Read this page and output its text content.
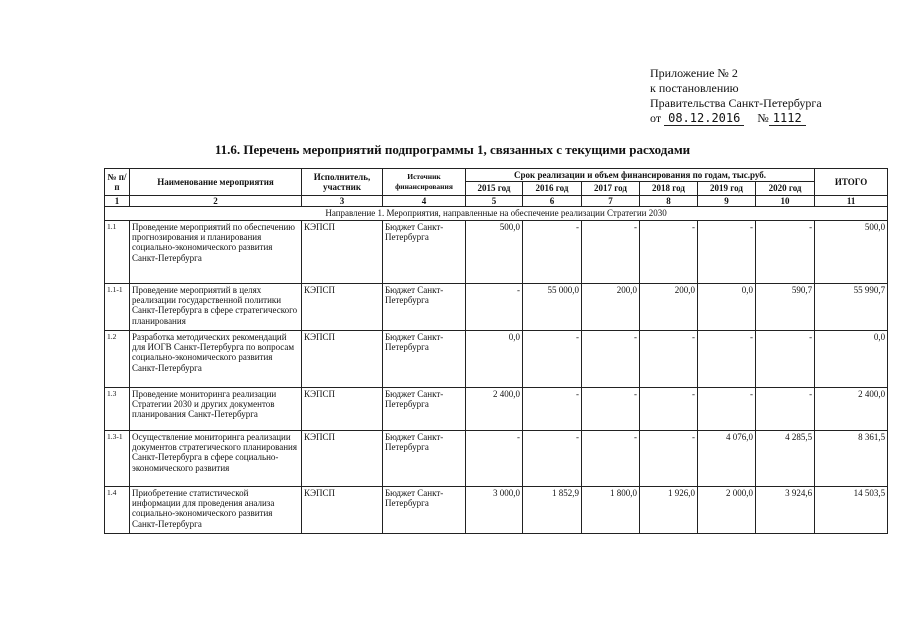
Приложение № 2
к постановлению
Правительства Санкт-Петербурга
от 08.12.2016 № 1112
11.6. Перечень мероприятий подпрограммы 1, связанных с текущими расходами
№ п/п	Наименование мероприятия	Исполнитель, участник	Источник финансирования	Срок реализации и объем финансирования по годам, тыс.руб.						ИТОГО
				2015 год	2016 год	2017 год	2018 год	2019 год	2020 год	
1	2	3	4	5	6	7	8	9	10	11
Направление 1. Мероприятия, направленные на обеспечение реализации Стратегии 2030										
1.1	Проведение мероприятий по обеспечению прогнозирования и планирования социально-экономического развития Санкт-Петербурга	КЭПСП	Бюджет Санкт-Петербурга	500,0	-	-	-	-	-	500,0
1.1-1	Проведение мероприятий в целях реализации государственной политики Санкт-Петербурга в сфере стратегического планирования	КЭПСП	Бюджет Санкт-Петербурга	-	55 000,0	200,0	200,0	0,0	590,7	55 990,7
1.2	Разработка методических рекомендаций для ИОГВ Санкт-Петербурга по вопросам социально-экономического развития Санкт-Петербурга	КЭПСП	Бюджет Санкт-Петербурга	0,0	-	-	-	-	-	0,0
1.3	Проведение мониторинга реализации Стратегии 2030 и других документов планирования Санкт-Петербурга	КЭПСП	Бюджет Санкт-Петербурга	2 400,0	-	-	-	-	-	2 400,0
1.3-1	Осуществление мониторинга реализации документов стратегического планирования Санкт-Петербурга в сфере социально-экономического развития	КЭПСП	Бюджет Санкт-Петербурга	-	-	-	-	4 076,0	4 285,5	8 361,5
1.4	Приобретение статистической информации для проведения анализа социально-экономического развития Санкт-Петербурга	КЭПСП	Бюджет Санкт-Петербурга	3 000,0	1 852,9	1 800,0	1 926,0	2 000,0	3 924,6	14 503,5
